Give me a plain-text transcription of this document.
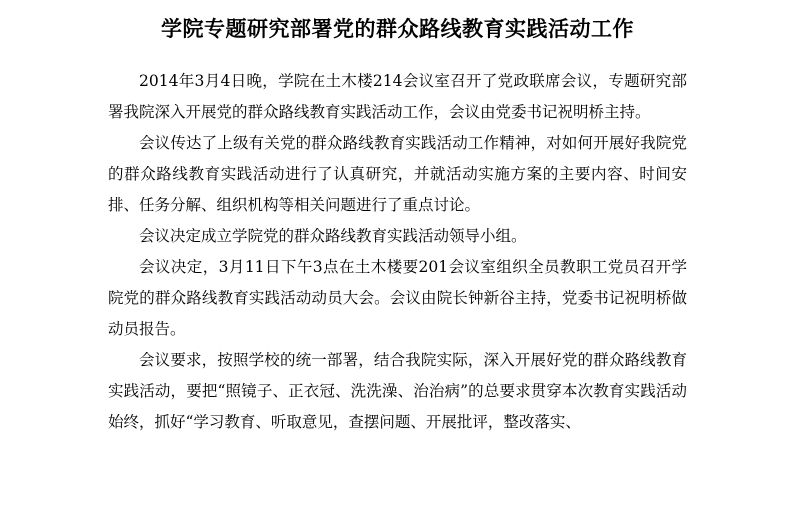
学院专题研究部署党的群众路线教育实践活动工作

2014年3月4日晚，学院在土木楼214会议室召开了党政联席会议，专题研究部署我院深入开展党的群众路线教育实践活动工作，会议由党委书记祝明桥主持。

会议传达了上级有关党的群众路线教育实践活动工作精神，对如何开展好我院党的群众路线教育实践活动进行了认真研究，并就活动实施方案的主要内容、时间安排、任务分解、组织机构等相关问题进行了重点讨论。

会议决定成立学院党的群众路线教育实践活动领导小组。

会议决定，3月11日下午3点在土木楼要201会议室组织全员教职工党员召开学院党的群众路线教育实践活动动员大会。会议由院长钟新谷主持，党委书记祝明桥做动员报告。

会议要求，按照学校的统一部署，结合我院实际，深入开展好党的群众路线教育实践活动，要把“照镜子、正衣冠、洗洗澡、治治病”的总要求贯穿本次教育实践活动始终，抓好“学习教育、听取意见，查摆问题、开展批评，整改落实、
